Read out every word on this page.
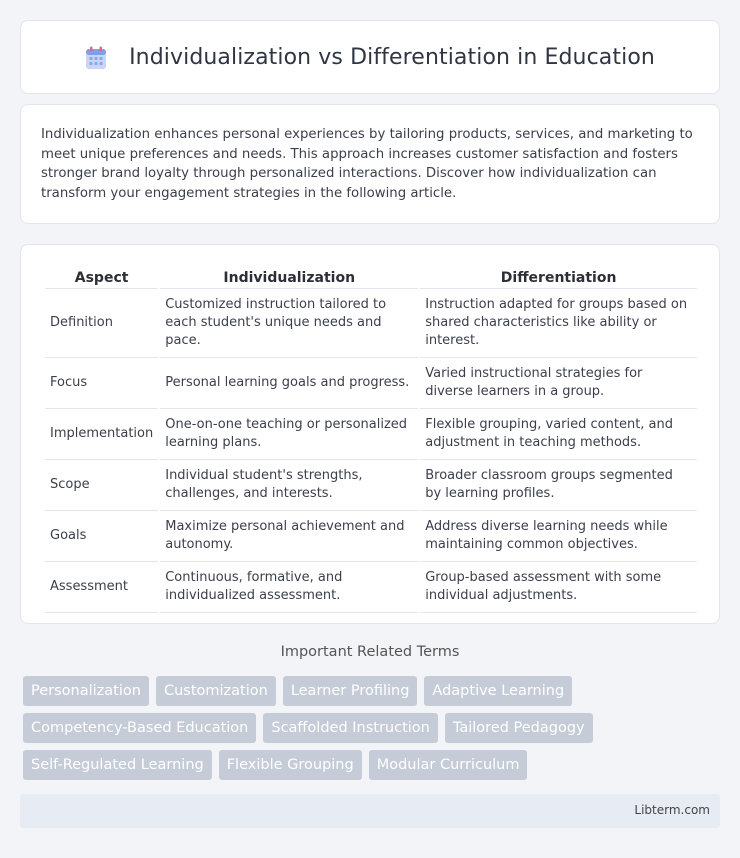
Individualization vs Differentiation in Education

Individualization enhances personal experiences by tailoring products, services, and marketing to meet unique preferences and needs. This approach increases customer satisfaction and fosters stronger brand loyalty through personalized interactions. Discover how individualization can transform your engagement strategies in the following article.

Aspect	Individualization	Differentiation
Definition	Customized instruction tailored to each student's unique needs and pace.	Instruction adapted for groups based on shared characteristics like ability or interest.
Focus	Personal learning goals and progress.	Varied instructional strategies for diverse learners in a group.
Implementation	One-on-one teaching or personalized learning plans.	Flexible grouping, varied content, and adjustment in teaching methods.
Scope	Individual student's strengths, challenges, and interests.	Broader classroom groups segmented by learning profiles.
Goals	Maximize personal achievement and autonomy.	Address diverse learning needs while maintaining common objectives.
Assessment	Continuous, formative, and individualized assessment.	Group-based assessment with some individual adjustments.
Important Related Terms
Personalization	Customization	Learner Profiling	Adaptive Learning
Competency-Based Education	Scaffolded Instruction	Tailored Pedagogy
Self-Regulated Learning	Flexible Grouping	Modular Curriculum
Libterm.com
